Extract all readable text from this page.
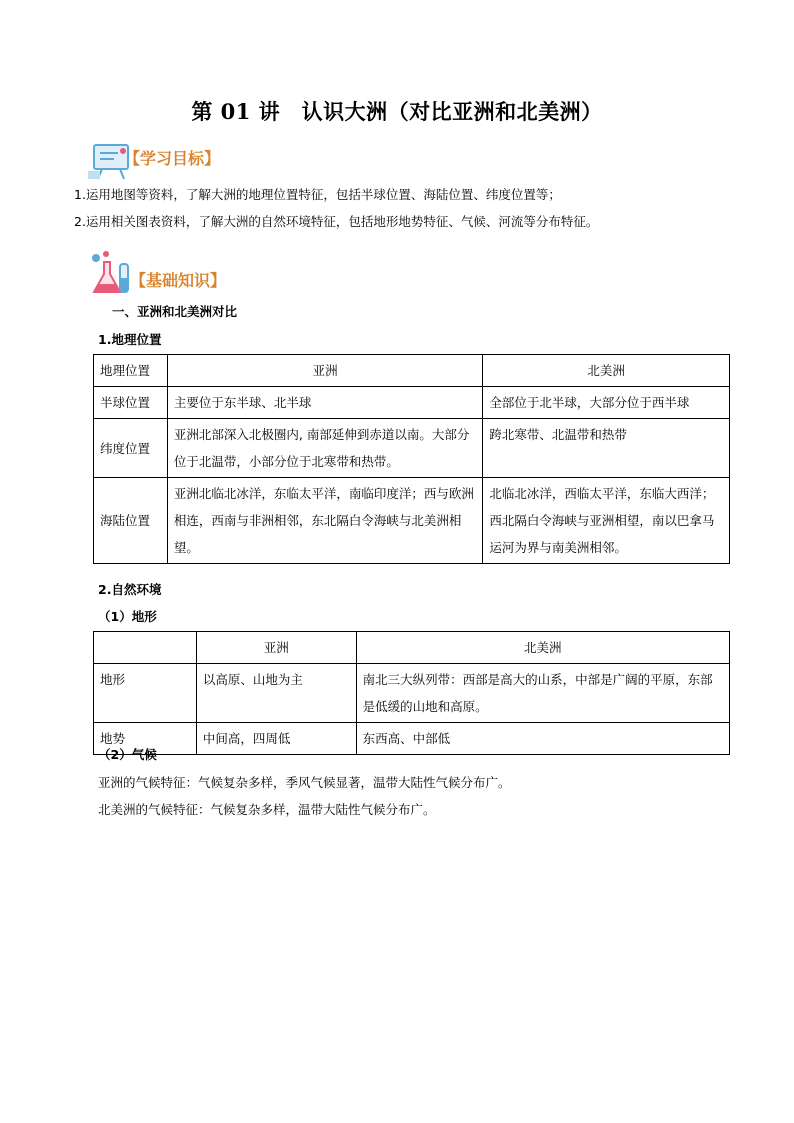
第 01 讲　认识大洲（对比亚洲和北美洲）
【学习目标】
1.运用地图等资料，了解大洲的地理位置特征，包括半球位置、海陆位置、纬度位置等；
2.运用相关图表资料，了解大洲的自然环境特征，包括地形地势特征、气候、河流等分布特征。
【基础知识】
一、亚洲和北美洲对比
1.地理位置
地理位置	亚洲	北美洲
半球位置	主要位于东半球、北半球	全部位于北半球，大部分位于西半球
纬度位置	亚洲北部深入北极圈内, 南部延伸到赤道以南。大部分位于北温带，小部分位于北寒带和热带。	跨北寒带、北温带和热带
海陆位置	亚洲北临北冰洋，东临太平洋，南临印度洋；西与欧洲相连，西南与非洲相邻，东北隔白令海峡与北美洲相望。	北临北冰洋，西临太平洋，东临大西洋；西北隔白令海峡与亚洲相望，南以巴拿马运河为界与南美洲相邻。
2.自然环境
（1）地形
	亚洲	北美洲
地形	以高原、山地为主	南北三大纵列带：西部是高大的山系，中部是广阔的平原，东部是低缓的山地和高原。
地势	中间高，四周低	东西高、中部低
（2）气候
亚洲的气候特征：气候复杂多样，季风气候显著，温带大陆性气候分布广。
北美洲的气候特征：气候复杂多样，温带大陆性气候分布广。
